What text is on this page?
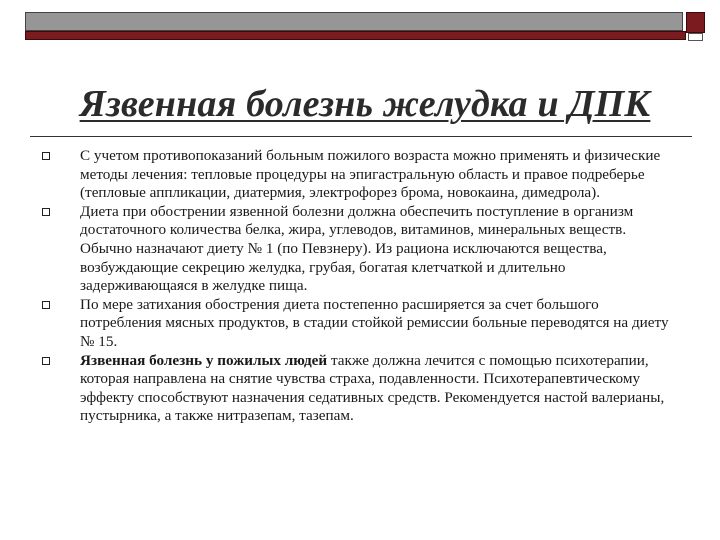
Язвенная болезнь желудка и ДПК
С учетом противопоказаний больным пожилого возраста можно применять и физические методы лечения: тепловые процедуры на эпигастральную область и правое подреберье (тепловые аппликации, диатермия, электрофорез брома, новокаина, димедрола).
Диета при обострении язвенной болезни должна обеспечить поступление в организм достаточного количества белка, жира, углеводов, витаминов, минеральных веществ. Обычно назначают диету № 1 (по Певзнеру). Из рациона исключаются вещества, возбуждающие секрецию желудка, грубая, богатая клетчаткой и длительно задерживающаяся в желудке пища.
По мере затихания обострения диета постепенно расширяется за счет большого потребления мясных продуктов, в стадии стойкой ремиссии больные переводятся на диету № 15.
Язвенная болезнь у пожилых людей также должна лечится с помощью психотерапии, которая направлена на снятие чувства страха, подавленности. Психотерапевтическому эффекту способствуют назначения седативных средств. Рекомендуется настой валерианы, пустырника, а также нитразепам, тазепам.
